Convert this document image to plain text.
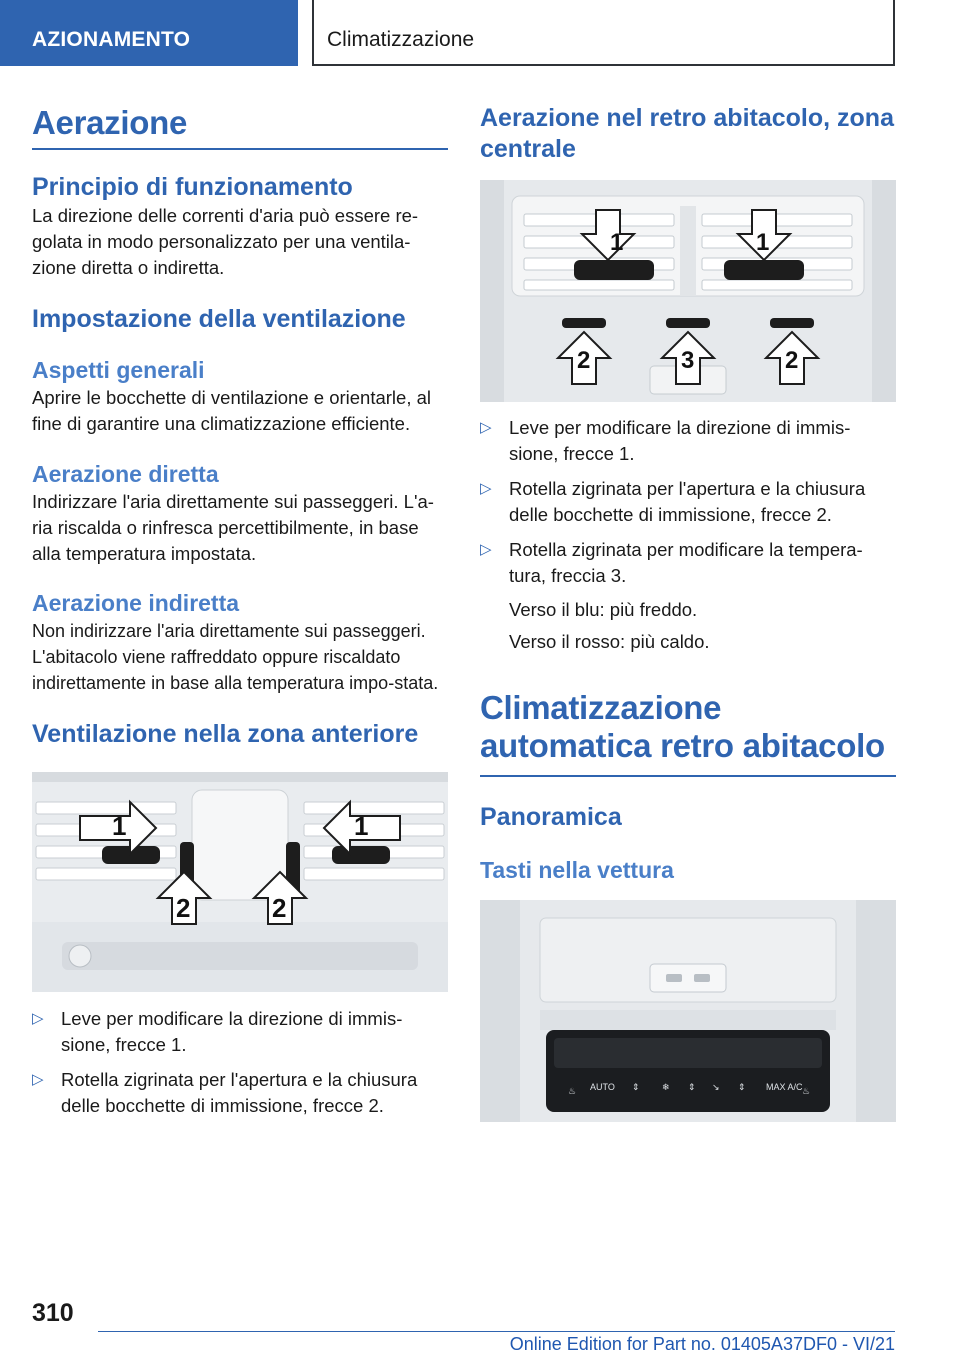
AZIONAMENTO	Climatizzazione
Aerazione
Principio di funzionamento

La direzione delle correnti d'aria può essere re-golata in modo personalizzato per una ventila-zione diretta o indiretta.

Impostazione della ventilazione
Aspetti generali

Aprire le bocchette di ventilazione e orientarle, al fine di garantire una climatizzazione efficiente.

Aerazione diretta

Indirizzare l'aria direttamente sui passeggeri. L'a-ria riscalda o rinfresca percettibilmente, in base alla temperatura impostata.

Aerazione indiretta

Non indirizzare l'aria direttamente sui passeggeri. L'abitacolo viene raffreddato oppure riscaldato indirettamente in base alla temperatura impo-stata.

Ventilazione nella zona anteriore
1	1
2	2
▷ Leve per modificare la direzione di immis-sione, frecce 1.
▷ Rotella zigrinata per l'apertura e la chiusura delle bocchette di immissione, frecce 2.
Aerazione nel retro abitacolo, zona centrale
1	1
2	3	2
▷ Leve per modificare la direzione di immis-sione, frecce 1.
▷ Rotella zigrinata per l'apertura e la chiusura delle bocchette di immissione, frecce 2.
▷ Rotella zigrinata per modificare la tempera-tura, freccia 3.
Verso il blu: più freddo.
Verso il rosso: più caldo.
Climatizzazione automatica retro abitacolo
Panoramica
Tasti nella vettura
♨ AUTO ⇕ ❄ ⇕ ↘ ⇕ MAX A/C ♨
310
Online Edition for Part no. 01405A37DF0 - VI/21
